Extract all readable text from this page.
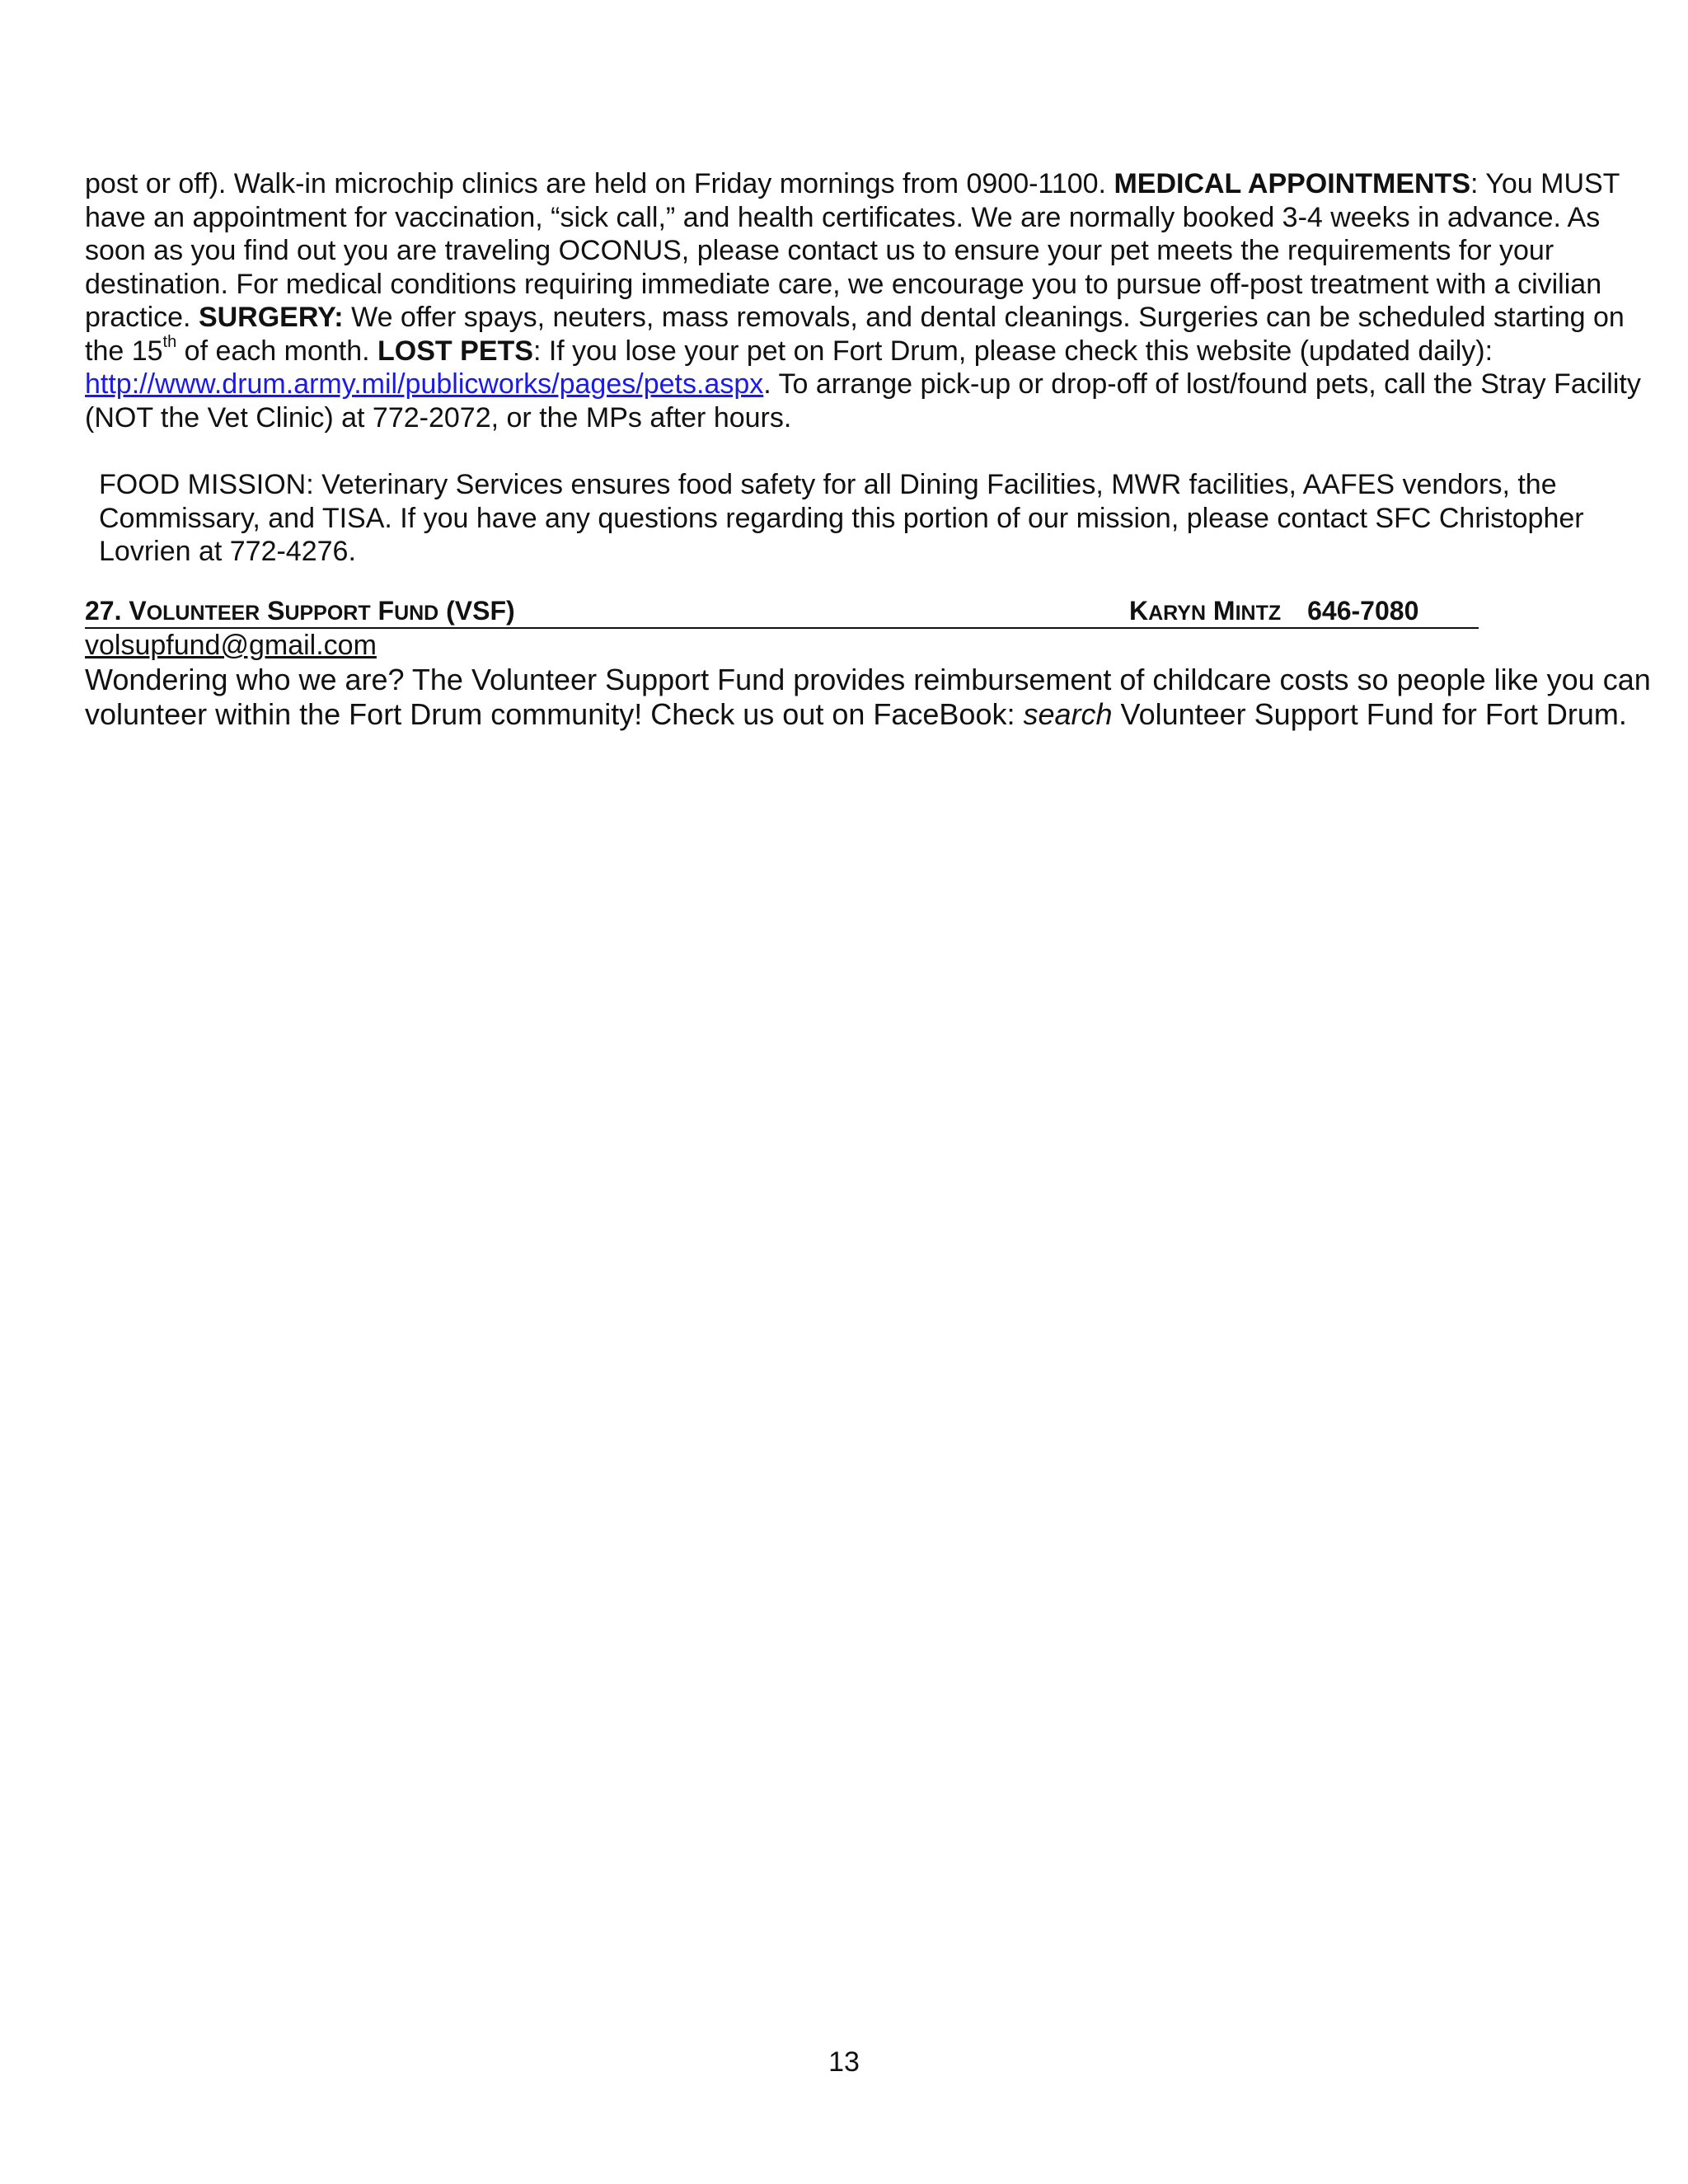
post or off). Walk-in microchip clinics are held on Friday mornings from 0900-1100. MEDICAL APPOINTMENTS: You MUST have an appointment for vaccination, “sick call,” and health certificates. We are normally booked 3-4 weeks in advance. As soon as you find out you are traveling OCONUS, please contact us to ensure your pet meets the requirements for your destination. For medical conditions requiring immediate care, we encourage you to pursue off-post treatment with a civilian practice. SURGERY: We offer spays, neuters, mass removals, and dental cleanings. Surgeries can be scheduled starting on the 15th of each month. LOST PETS: If you lose your pet on Fort Drum, please check this website (updated daily): http://www.drum.army.mil/publicworks/pages/pets.aspx. To arrange pick-up or drop-off of lost/found pets, call the Stray Facility (NOT the Vet Clinic) at 772-2072, or the MPs after hours.

FOOD MISSION: Veterinary Services ensures food safety for all Dining Facilities, MWR facilities, AAFES vendors, the Commissary, and TISA. If you have any questions regarding this portion of our mission, please contact SFC Christopher Lovrien at 772-4276.

27. VOLUNTEER SUPPORT FUND (VSF)	KARYN MINTZ 646-7080
volsupfund@gmail.com

Wondering who we are? The Volunteer Support Fund provides reimbursement of childcare costs so people like you can volunteer within the Fort Drum community! Check us out on FaceBook: search Volunteer Support Fund for Fort Drum.

13
